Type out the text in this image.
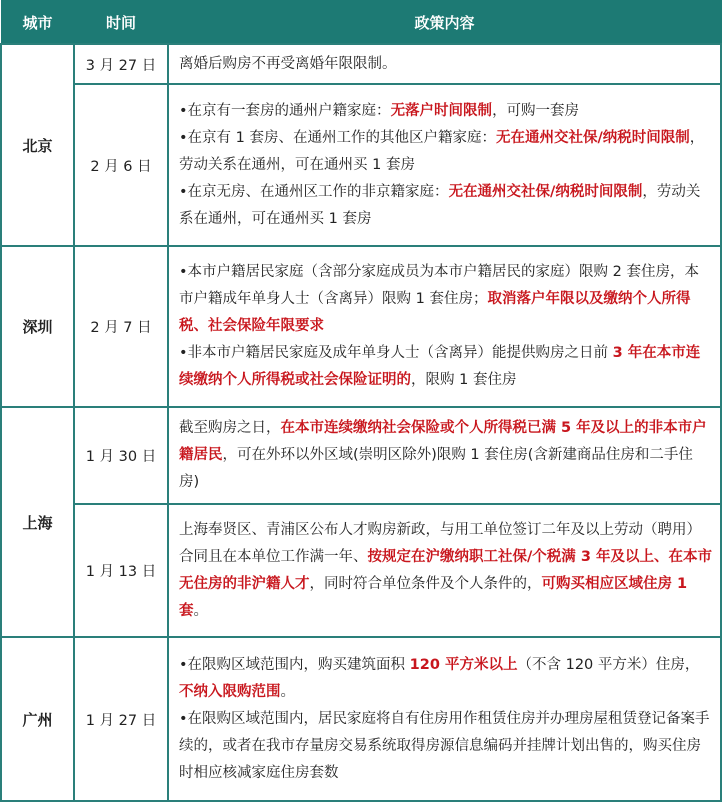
城市	时间	政策内容
北京	3 月 27 日	离婚后购房不再受离婚年限限制。

	2 月 6 日	•在京有一套房的通州户籍家庭：无落户时间限制，可购一套房

•在京有 1 套房、在通州工作的其他区户籍家庭：无在通州交社保/纳税时间限制，劳动关系在通州，可在通州买 1 套房

•在京无房、在通州区工作的非京籍家庭：无在通州交社保/纳税时间限制，劳动关系在通州，可在通州买 1 套房

深圳	2 月 7 日	•本市户籍居民家庭（含部分家庭成员为本市户籍居民的家庭）限购 2 套住房，本市户籍成年单身人士（含离异）限购 1 套住房；取消落户年限以及缴纳个人所得税、社会保险年限要求

•非本市户籍居民家庭及成年单身人士（含离异）能提供购房之日前 3 年在本市连续缴纳个人所得税或社会保险证明的，限购 1 套住房

上海	1 月 30 日	截至购房之日，在本市连续缴纳社会保险或个人所得税已满 5 年及以上的非本市户籍居民，可在外环以外区域(崇明区除外)限购 1 套住房(含新建商品住房和二手住房)

	1 月 13 日	上海奉贤区、青浦区公布人才购房新政，与用工单位签订二年及以上劳动（聘用）合同且在本单位工作满一年、按规定在沪缴纳职工社保/个税满 3 年及以上、在本市无住房的非沪籍人才，同时符合单位条件及个人条件的，可购买相应区域住房 1 套。

广州	1 月 27 日	•在限购区域范围内，购买建筑面积 120 平方米以上（不含 120 平方米）住房，不纳入限购范围。

•在限购区域范围内，居民家庭将自有住房用作租赁住房并办理房屋租赁登记备案手续的，或者在我市存量房交易系统取得房源信息编码并挂牌计划出售的，购买住房时相应核减家庭住房套数
